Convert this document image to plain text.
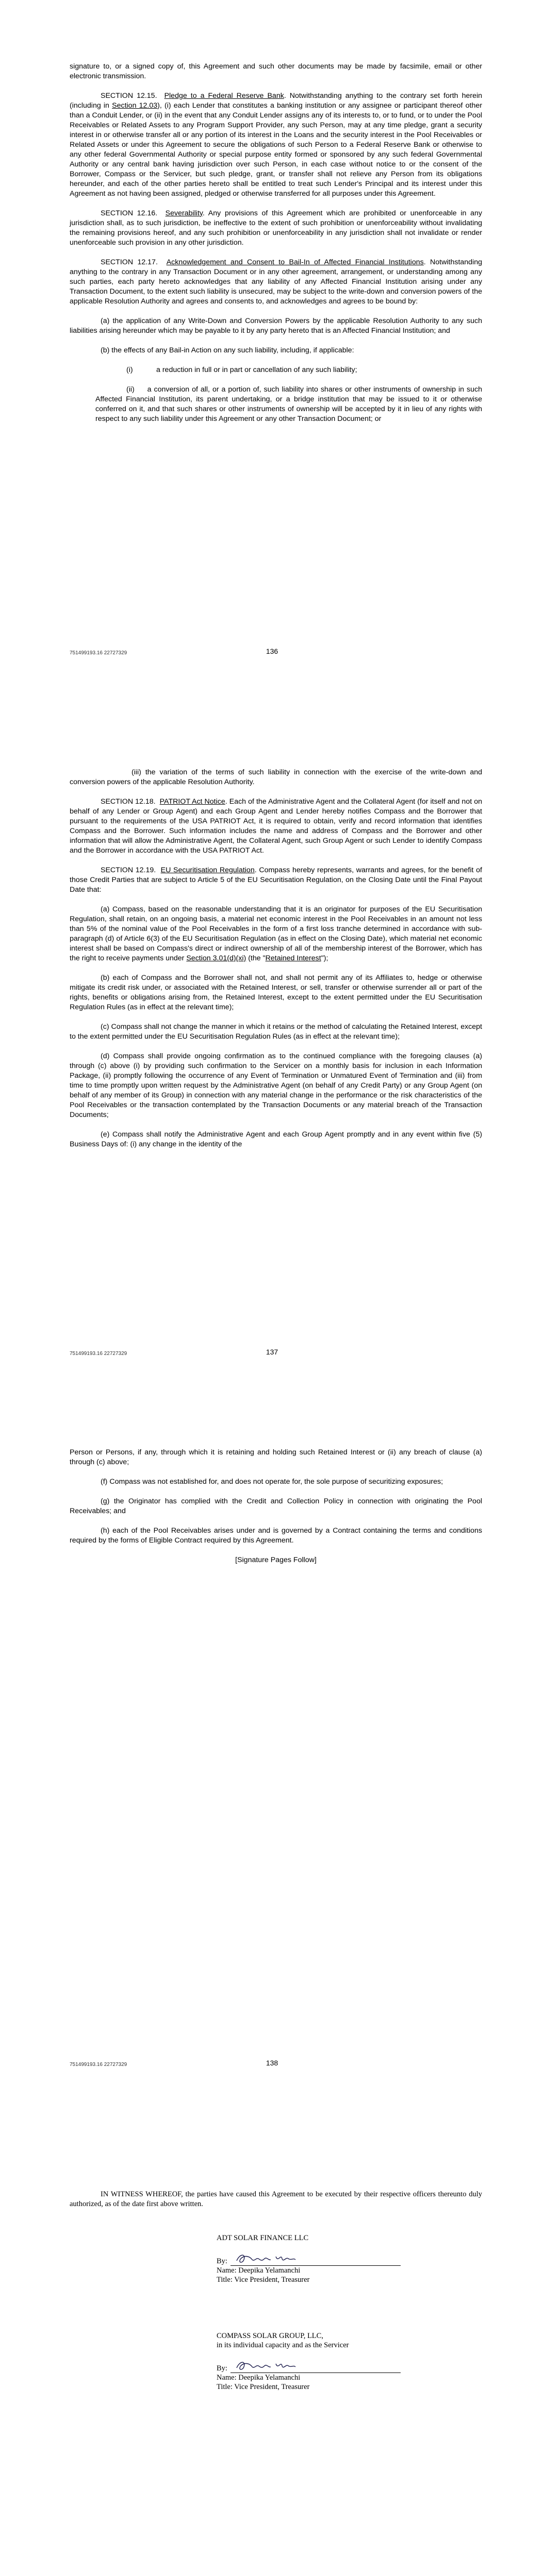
signature to, or a signed copy of, this Agreement and such other documents may be made by facsimile, email or other electronic transmission.

SECTION 12.15. Pledge to a Federal Reserve Bank. Notwithstanding anything to the contrary set forth herein (including in Section 12.03), (i) each Lender that constitutes a banking institution or any assignee or participant thereof other than a Conduit Lender, or (ii) in the event that any Conduit Lender assigns any of its interests to, or to fund, or to under the Pool Receivables or Related Assets to any Program Support Provider, any such Person, may at any time pledge, grant a security interest in or otherwise transfer all or any portion of its interest in the Loans and the security interest in the Pool Receivables or Related Assets or under this Agreement to secure the obligations of such Person to a Federal Reserve Bank or otherwise to any other federal Governmental Authority or special purpose entity formed or sponsored by any such federal Governmental Authority or any central bank having jurisdiction over such Person, in each case without notice to or the consent of the Borrower, Compass or the Servicer, but such pledge, grant, or transfer shall not relieve any Person from its obligations hereunder, and each of the other parties hereto shall be entitled to treat such Lender's Principal and its interest under this Agreement as not having been assigned, pledged or otherwise transferred for all purposes under this Agreement.

SECTION 12.16. Severability. Any provisions of this Agreement which are prohibited or unenforceable in any jurisdiction shall, as to such jurisdiction, be ineffective to the extent of such prohibition or unenforceability without invalidating the remaining provisions hereof, and any such prohibition or unenforceability in any jurisdiction shall not invalidate or render unenforceable such provision in any other jurisdiction.

SECTION 12.17. Acknowledgement and Consent to Bail-In of Affected Financial Institutions. Notwithstanding anything to the contrary in any Transaction Document or in any other agreement, arrangement, or understanding among any such parties, each party hereto acknowledges that any liability of any Affected Financial Institution arising under any Transaction Document, to the extent such liability is unsecured, may be subject to the write-down and conversion powers of the applicable Resolution Authority and agrees and consents to, and acknowledges and agrees to be bound by:

(a) the application of any Write-Down and Conversion Powers by the applicable Resolution Authority to any such liabilities arising hereunder which may be payable to it by any party hereto that is an Affected Financial Institution; and

(b) the effects of any Bail-in Action on any such liability, including, if applicable:

(i)	a reduction in full or in part or cancellation of any such liability;

(ii) a conversion of all, or a portion of, such liability into shares or other instruments of ownership in such Affected Financial Institution, its parent undertaking, or a bridge institution that may be issued to it or otherwise conferred on it, and that such shares or other instruments of ownership will be accepted by it in lieu of any rights with respect to any such liability under this Agreement or any other Transaction Document; or

751499193.16 22727329	136

(iii) the variation of the terms of such liability in connection with the exercise of the write-down and conversion powers of the applicable Resolution Authority.

SECTION 12.18. PATRIOT Act Notice. Each of the Administrative Agent and the Collateral Agent (for itself and not on behalf of any Lender or Group Agent) and each Group Agent and Lender hereby notifies Compass and the Borrower that pursuant to the requirements of the USA PATRIOT Act, it is required to obtain, verify and record information that identifies Compass and the Borrower. Such information includes the name and address of Compass and the Borrower and other information that will allow the Administrative Agent, the Collateral Agent, such Group Agent or such Lender to identify Compass and the Borrower in accordance with the USA PATRIOT Act.

SECTION 12.19. EU Securitisation Regulation. Compass hereby represents, warrants and agrees, for the benefit of those Credit Parties that are subject to Article 5 of the EU Securitisation Regulation, on the Closing Date until the Final Payout Date that:

(a) Compass, based on the reasonable understanding that it is an originator for purposes of the EU Securitisation Regulation, shall retain, on an ongoing basis, a material net economic interest in the Pool Receivables in an amount not less than 5% of the nominal value of the Pool Receivables in the form of a first loss tranche determined in accordance with sub-paragraph (d) of Article 6(3) of the EU Securitisation Regulation (as in effect on the Closing Date), which material net economic interest shall be based on Compass's direct or indirect ownership of all of the membership interest of the Borrower, which has the right to receive payments under Section 3.01(d)(xi) (the "Retained Interest");

(b) each of Compass and the Borrower shall not, and shall not permit any of its Affiliates to, hedge or otherwise mitigate its credit risk under, or associated with the Retained Interest, or sell, transfer or otherwise surrender all or part of the rights, benefits or obligations arising from, the Retained Interest, except to the extent permitted under the EU Securitisation Regulation Rules (as in effect at the relevant time);

(c) Compass shall not change the manner in which it retains or the method of calculating the Retained Interest, except to the extent permitted under the EU Securitisation Regulation Rules (as in effect at the relevant time);

(d) Compass shall provide ongoing confirmation as to the continued compliance with the foregoing clauses (a) through (c) above (i) by providing such confirmation to the Servicer on a monthly basis for inclusion in each Information Package, (ii) promptly following the occurrence of any Event of Termination or Unmatured Event of Termination and (iii) from time to time promptly upon written request by the Administrative Agent (on behalf of any Credit Party) or any Group Agent (on behalf of any member of its Group) in connection with any material change in the performance or the risk characteristics of the Pool Receivables or the transaction contemplated by the Transaction Documents or any material breach of the Transaction Documents;

(e) Compass shall notify the Administrative Agent and each Group Agent promptly and in any event within five (5) Business Days of: (i) any change in the identity of the

751499193.16 22727329	137

Person or Persons, if any, through which it is retaining and holding such Retained Interest or (ii) any breach of clause (a) through (c) above;

(f) Compass was not established for, and does not operate for, the sole purpose of securitizing exposures;

(g) the Originator has complied with the Credit and Collection Policy in connection with originating the Pool Receivables; and

(h) each of the Pool Receivables arises under and is governed by a Contract containing the terms and conditions required by the forms of Eligible Contract required by this Agreement.

[Signature Pages Follow]

751499193.16 22727329	138
IN WITNESS WHEREOF, the parties have caused this Agreement to be executed by their respective officers thereunto duly authorized, as of the date first above written.
ADT SOLAR FINANCE LLC
By:
Name: Deepika Yelamanchi
Title: Vice President, Treasurer
COMPASS SOLAR GROUP, LLC,
in its individual capacity and as the Servicer
By:
Name: Deepika Yelamanchi
Title: Vice President, Treasurer
